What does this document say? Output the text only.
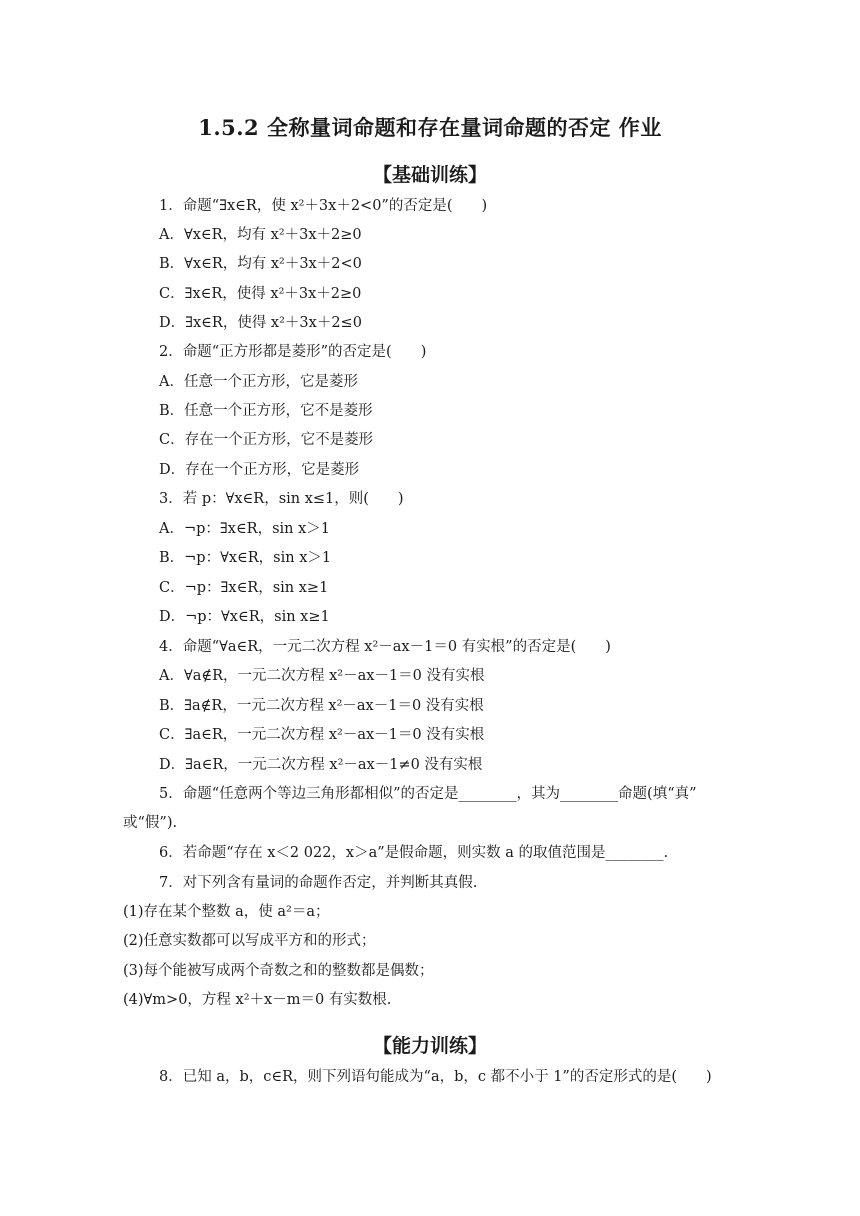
1.5.2 全称量词命题和存在量词命题的否定 作业
【基础训练】
1．命题“∃x∈R，使 x²＋3x＋2<0”的否定是(　　)
A．∀x∈R，均有 x²＋3x＋2≥0
B．∀x∈R，均有 x²＋3x＋2<0
C．∃x∈R，使得 x²＋3x＋2≥0
D．∃x∈R，使得 x²＋3x＋2≤0
2．命题“正方形都是菱形”的否定是(　　)
A．任意一个正方形，它是菱形
B．任意一个正方形，它不是菱形
C．存在一个正方形，它不是菱形
D．存在一个正方形，它是菱形
3．若 p：∀x∈R，sin x≤1，则(　　)
A．¬p：∃x∈R，sin x＞1
B．¬p：∀x∈R，sin x＞1
C．¬p：∃x∈R，sin x≥1
D．¬p：∀x∈R，sin x≥1
4．命题“∀a∈R，一元二次方程 x²－ax－1＝0 有实根”的否定是(　　)
A．∀a∉R，一元二次方程 x²－ax－1＝0 没有实根
B．∃a∉R，一元二次方程 x²－ax－1＝0 没有实根
C．∃a∈R，一元二次方程 x²－ax－1＝0 没有实根
D．∃a∈R，一元二次方程 x²－ax－1≠0 没有实根
5．命题“任意两个等边三角形都相似”的否定是________，其为________命题(填“真”
或“假”).
6．若命题“存在 x＜2 022，x＞a”是假命题，则实数 a 的取值范围是________.
7．对下列含有量词的命题作否定，并判断其真假.
(1)存在某个整数 a，使 a²＝a；
(2)任意实数都可以写成平方和的形式；
(3)每个能被写成两个奇数之和的整数都是偶数；
(4)∀m>0，方程 x²＋x－m＝0 有实数根.
【能力训练】
8．已知 a，b，c∈R，则下列语句能成为“a，b，c 都不小于 1”的否定形式的是(　　)
